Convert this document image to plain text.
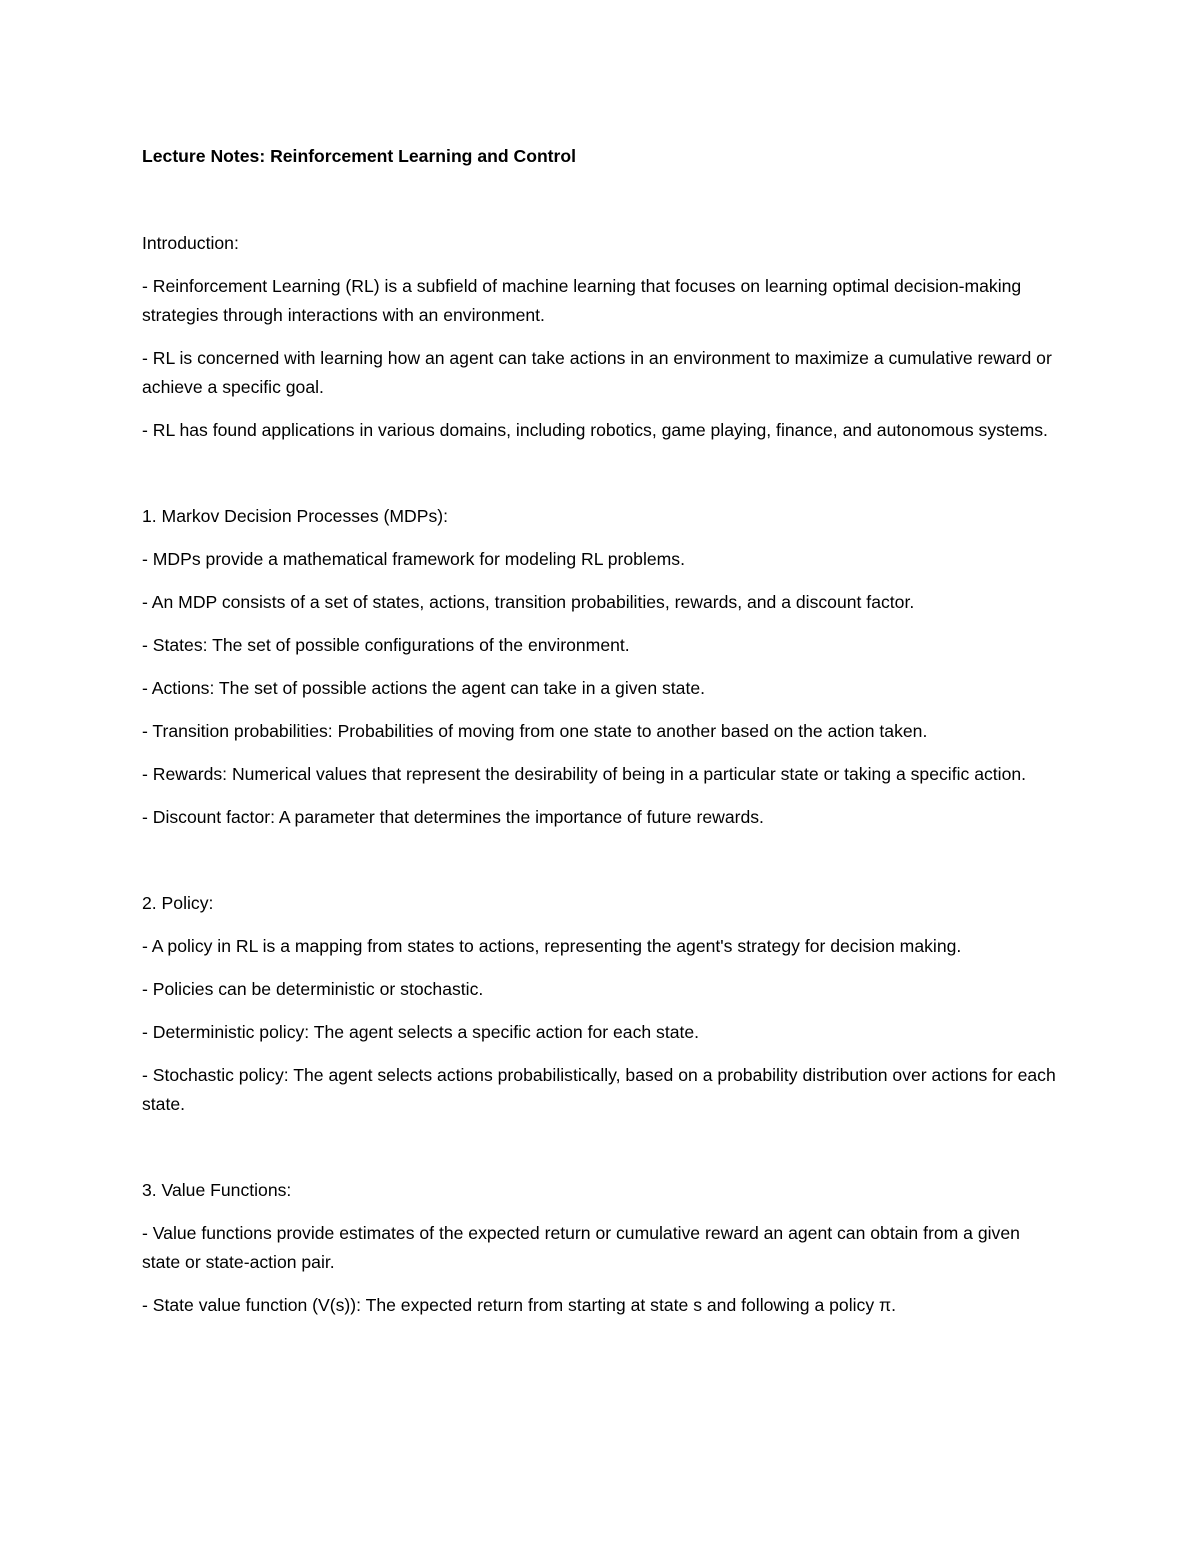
Lecture Notes: Reinforcement Learning and Control

Introduction:

- Reinforcement Learning (RL) is a subfield of machine learning that focuses on learning optimal decision-making strategies through interactions with an environment.

- RL is concerned with learning how an agent can take actions in an environment to maximize a cumulative reward or achieve a specific goal.

- RL has found applications in various domains, including robotics, game playing, finance, and autonomous systems.

1. Markov Decision Processes (MDPs):

- MDPs provide a mathematical framework for modeling RL problems.

- An MDP consists of a set of states, actions, transition probabilities, rewards, and a discount factor.

- States: The set of possible configurations of the environment.

- Actions: The set of possible actions the agent can take in a given state.

- Transition probabilities: Probabilities of moving from one state to another based on the action taken.

- Rewards: Numerical values that represent the desirability of being in a particular state or taking a specific action.

- Discount factor: A parameter that determines the importance of future rewards.

2. Policy:

- A policy in RL is a mapping from states to actions, representing the agent's strategy for decision making.

- Policies can be deterministic or stochastic.

- Deterministic policy: The agent selects a specific action for each state.

- Stochastic policy: The agent selects actions probabilistically, based on a probability distribution over actions for each state.

3. Value Functions:

- Value functions provide estimates of the expected return or cumulative reward an agent can obtain from a given state or state-action pair.

- State value function (V(s)): The expected return from starting at state s and following a policy π.
